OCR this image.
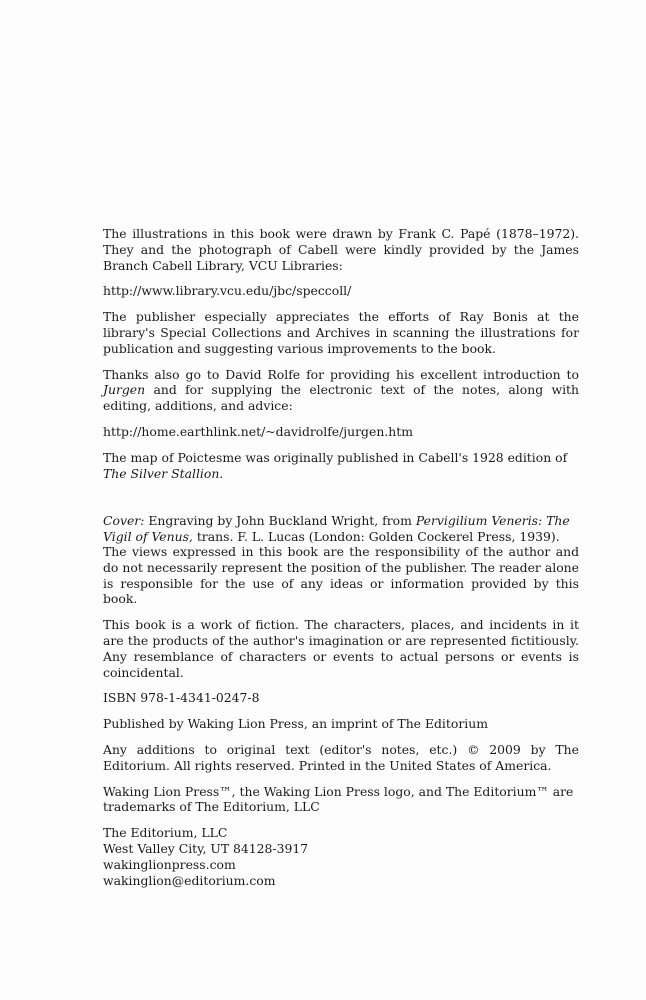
The illustrations in this book were drawn by Frank C. Papé (1878–1972). They and the photograph of Cabell were kindly provided by the James Branch Cabell Library, VCU Libraries:

http://www.library.vcu.edu/jbc/speccoll/

The publisher especially appreciates the efforts of Ray Bonis at the library's Special Collections and Archives in scanning the illustrations for publication and suggesting various improvements to the book.

Thanks also go to David Rolfe for providing his excellent introduction to Jurgen and for supplying the electronic text of the notes, along with editing, additions, and advice:

http://home.earthlink.net/~davidrolfe/jurgen.htm

The map of Poictesme was originally published in Cabell's 1928 edition of The Silver Stallion.

Cover: Engraving by John Buckland Wright, from Pervigilium Veneris: The Vigil of Venus, trans. F. L. Lucas (London: Golden Cockerel Press, 1939).

The views expressed in this book are the responsibility of the author and do not necessarily represent the position of the publisher. The reader alone is responsible for the use of any ideas or information provided by this book.

This book is a work of fiction. The characters, places, and incidents in it are the products of the author's imagination or are represented fictitiously. Any resemblance of characters or events to actual persons or events is coincidental.

ISBN 978-1-4341-0247-8

Published by Waking Lion Press, an imprint of The Editorium

Any additions to original text (editor's notes, etc.) © 2009 by The Editorium. All rights reserved. Printed in the United States of America.

Waking Lion Press™, the Waking Lion Press logo, and The Editorium™ are trademarks of The Editorium, LLC

The Editorium, LLC
West Valley City, UT 84128-3917
wakinglionpress.com
wakinglion@editorium.com
